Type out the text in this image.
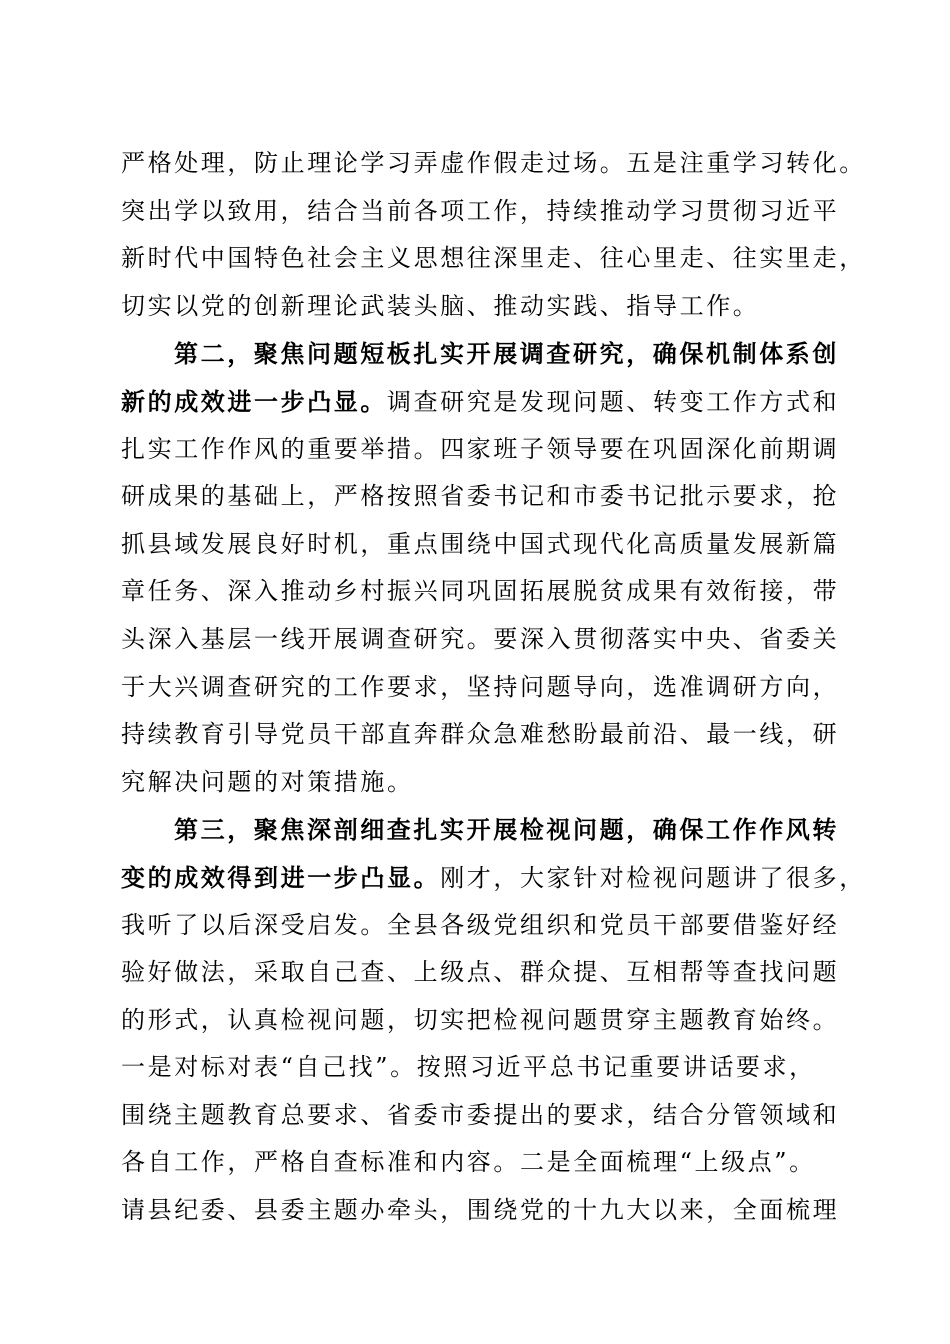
严格处理，防止理论学习弄虚作假走过场。五是注重学习转化。
突出学以致用，结合当前各项工作，持续推动学习贯彻习近平
新时代中国特色社会主义思想往深里走、往心里走、往实里走，
切实以党的创新理论武装头脑、推动实践、指导工作。
第二，聚焦问题短板扎实开展调查研究，确保机制体系创
新的成效进一步凸显。调查研究是发现问题、转变工作方式和
扎实工作作风的重要举措。四家班子领导要在巩固深化前期调
研成果的基础上，严格按照省委书记和市委书记批示要求，抢
抓县域发展良好时机，重点围绕中国式现代化高质量发展新篇
章任务、深入推动乡村振兴同巩固拓展脱贫成果有效衔接，带
头深入基层一线开展调查研究。要深入贯彻落实中央、省委关
于大兴调查研究的工作要求，坚持问题导向，选准调研方向，
持续教育引导党员干部直奔群众急难愁盼最前沿、最一线，研
究解决问题的对策措施。
第三，聚焦深剖细查扎实开展检视问题，确保工作作风转
变的成效得到进一步凸显。刚才，大家针对检视问题讲了很多，
我听了以后深受启发。全县各级党组织和党员干部要借鉴好经
验好做法，采取自己查、上级点、群众提、互相帮等查找问题
的形式，认真检视问题，切实把检视问题贯穿主题教育始终。
一是对标对表“自己找”。按照习近平总书记重要讲话要求，
围绕主题教育总要求、省委市委提出的要求，结合分管领域和
各自工作，严格自查标准和内容。二是全面梳理“上级点”。
请县纪委、县委主题办牵头，围绕党的十九大以来，全面梳理
